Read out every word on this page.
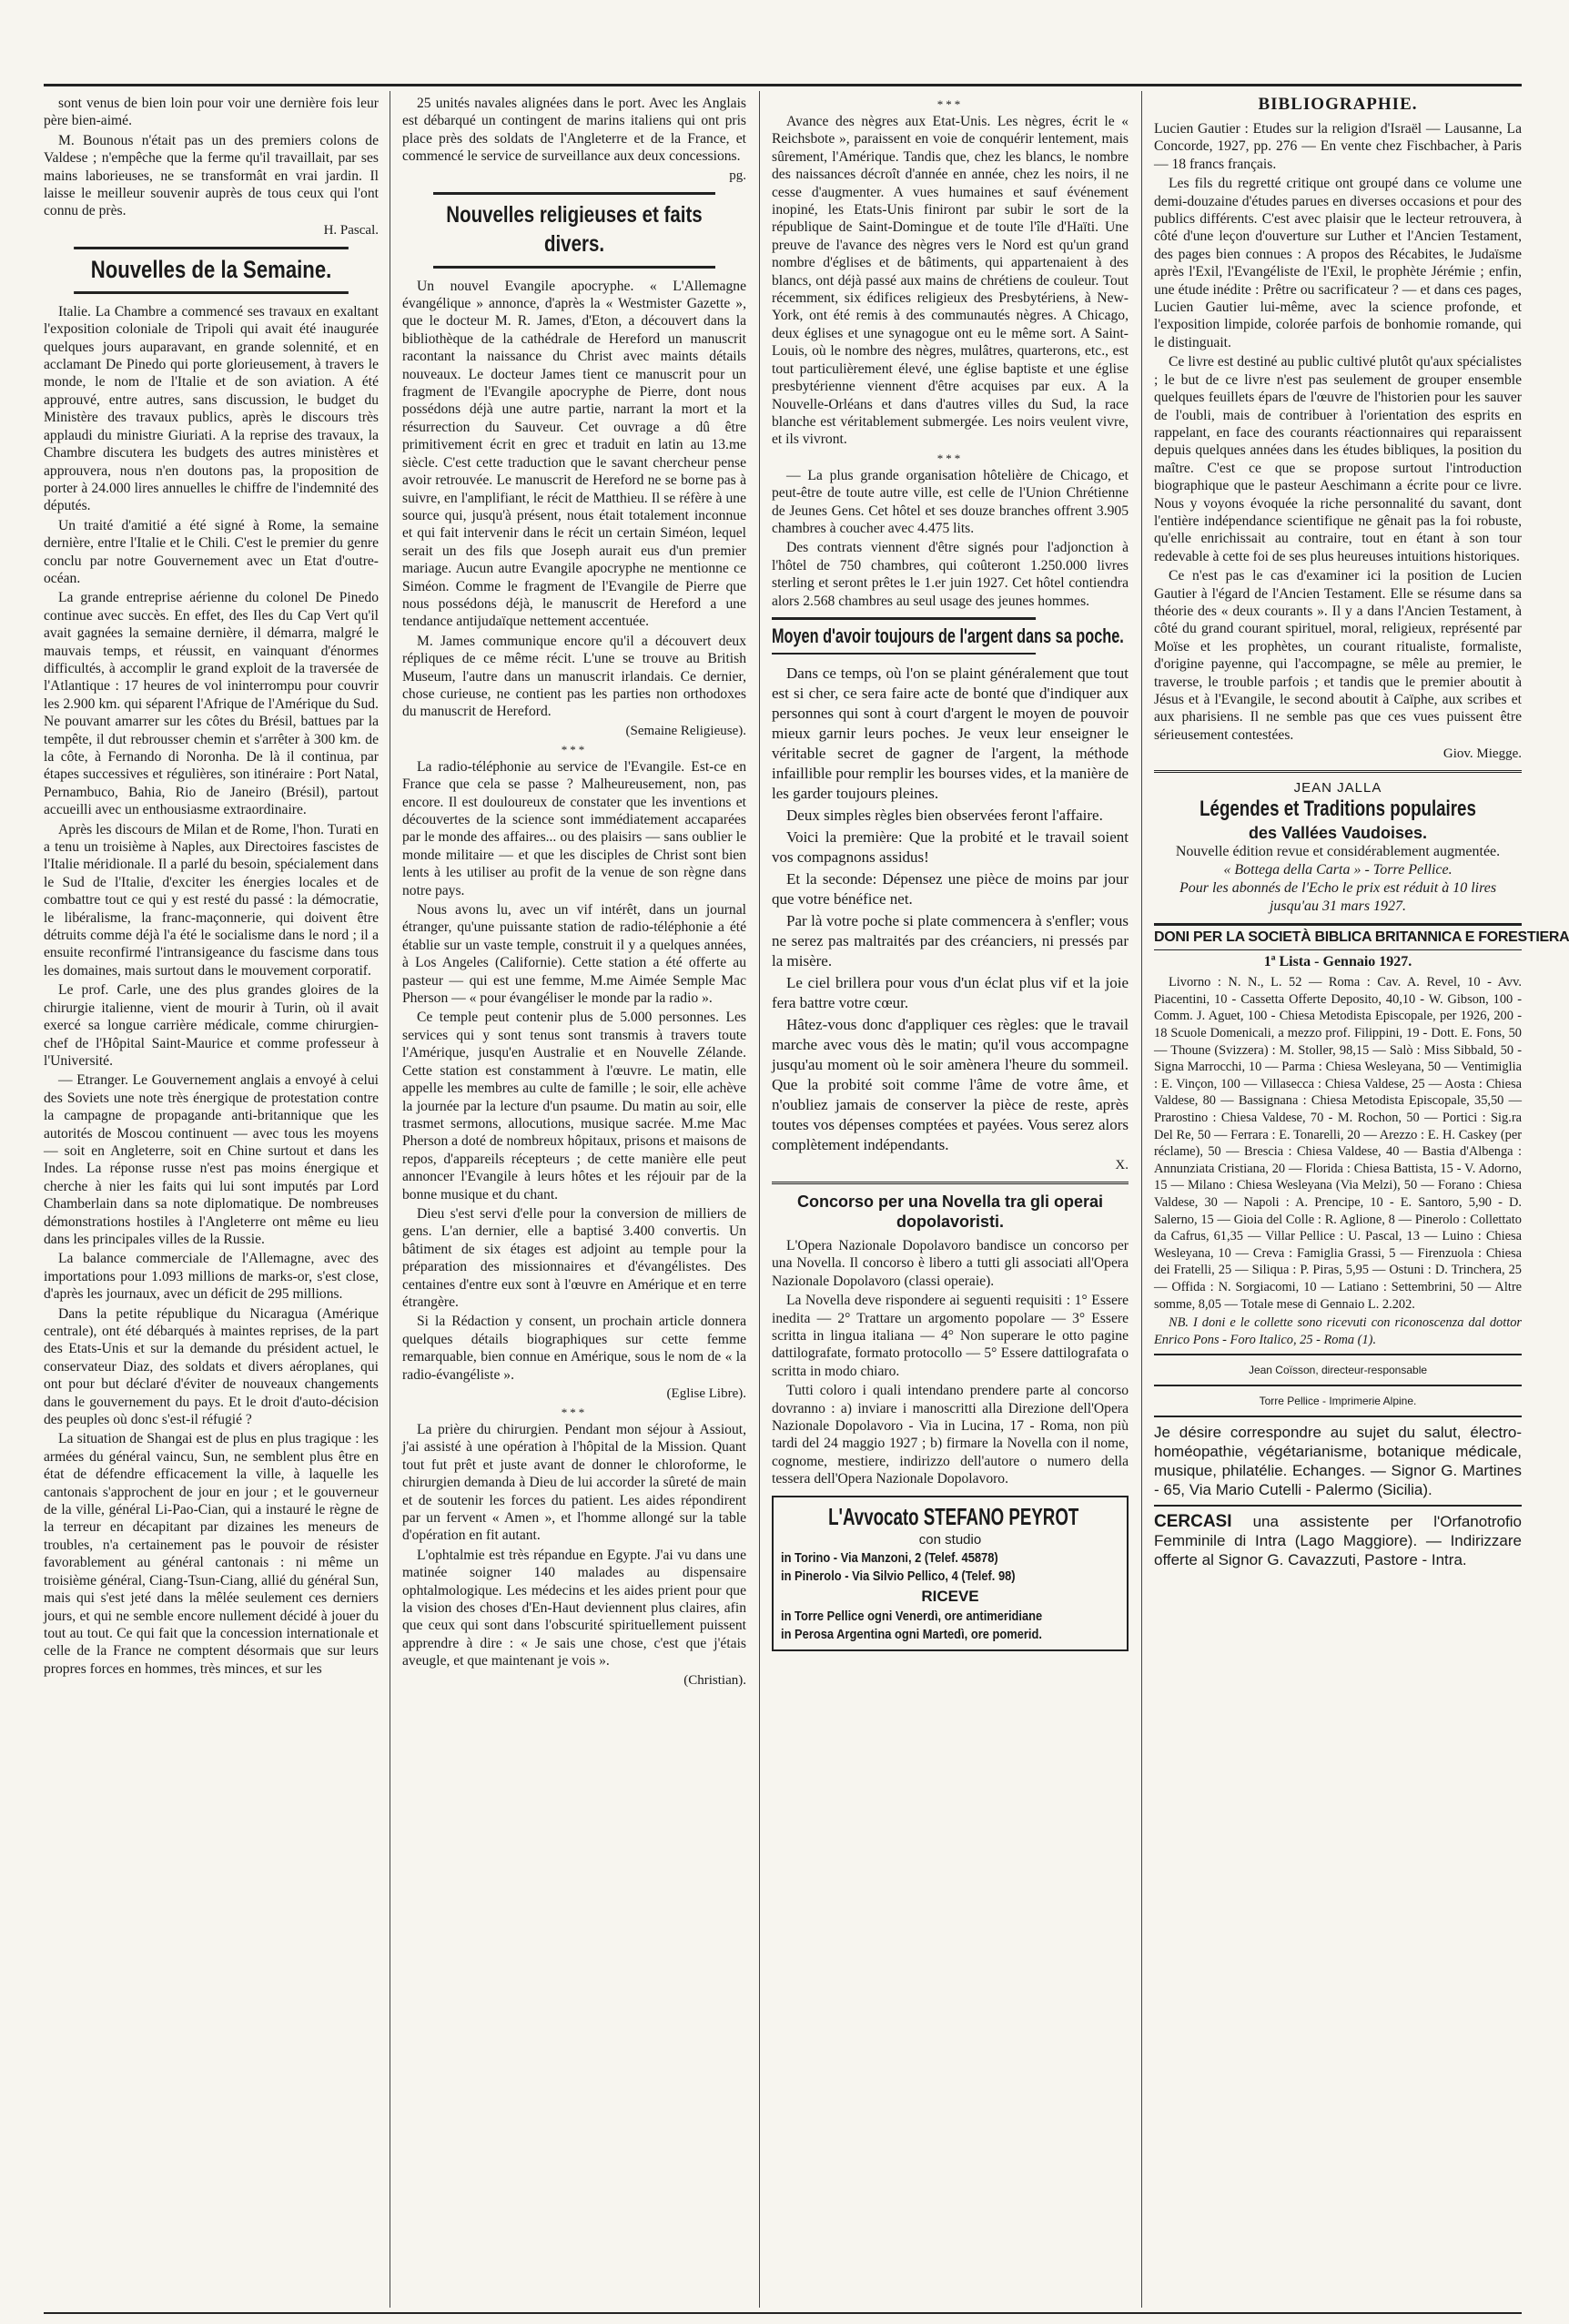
sont venus de bien loin pour voir une dernière fois leur père bien-aimé.

M. Bounous n'était pas un des premiers colons de Valdese ; n'empêche que la ferme qu'il travaillait, par ses mains laborieuses, ne se transformât en vrai jardin. Il laisse le meilleur souvenir auprès de tous ceux qui l'ont connu de près.

H. Pascal.
Nouvelles de la Semaine.

Italie. La Chambre a commencé ses travaux en exaltant l'exposition coloniale de Tripoli qui avait été inaugurée quelques jours auparavant, en grande solennité, et en acclamant De Pinedo qui porte glorieusement, à travers le monde, le nom de l'Italie et de son aviation. A été approuvé, entre autres, sans discussion, le budget du Ministère des travaux publics, après le discours très applaudi du ministre Giuriati. A la reprise des travaux, la Chambre discutera les budgets des autres ministères et approuvera, nous n'en doutons pas, la proposition de porter à 24.000 lires annuelles le chiffre de l'indemnité des députés.

Un traité d'amitié a été signé à Rome, la semaine dernière, entre l'Italie et le Chili. C'est le premier du genre conclu par notre Gouvernement avec un Etat d'outre-océan.

La grande entreprise aérienne du colonel De Pinedo continue avec succès. En effet, des Iles du Cap Vert qu'il avait gagnées la semaine dernière, il démarra, malgré le mauvais temps, et réussit, en vainquant d'énormes difficultés, à accomplir le grand exploit de la traversée de l'Atlantique : 17 heures de vol ininterrompu pour couvrir les 2.900 km. qui séparent l'Afrique de l'Amérique du Sud. Ne pouvant amarrer sur les côtes du Brésil, battues par la tempête, il dut rebrousser chemin et s'arrêter à 300 km. de la côte, à Fernando di Noronha. De là il continua, par étapes successives et régulières, son itinéraire : Port Natal, Pernambuco, Bahia, Rio de Janeiro (Brésil), partout accueilli avec un enthousiasme extraordinaire.

Après les discours de Milan et de Rome, l'hon. Turati en a tenu un troisième à Naples, aux Directoires fascistes de l'Italie méridionale. Il a parlé du besoin, spécialement dans le Sud de l'Italie, d'exciter les énergies locales et de combattre tout ce qui y est resté du passé : la démocratie, le libéralisme, la franc-maçonnerie, qui doivent être détruits comme déjà l'a été le socialisme dans le nord ; il a ensuite reconfirmé l'intransigeance du fascisme dans tous les domaines, mais surtout dans le mouvement corporatif.

Le prof. Carle, une des plus grandes gloires de la chirurgie italienne, vient de mourir à Turin, où il avait exercé sa longue carrière médicale, comme chirurgien-chef de l'Hôpital Saint-Maurice et comme professeur à l'Université.

— Etranger. Le Gouvernement anglais a envoyé à celui des Soviets une note très énergique de protestation contre la campagne de propagande anti-britannique que les autorités de Moscou continuent — avec tous les moyens — soit en Angleterre, soit en Chine surtout et dans les Indes. La réponse russe n'est pas moins énergique et cherche à nier les faits qui lui sont imputés par Lord Chamberlain dans sa note diplomatique. De nombreuses démonstrations hostiles à l'Angleterre ont même eu lieu dans les principales villes de la Russie.

La balance commerciale de l'Allemagne, avec des importations pour 1.093 millions de marks-or, s'est close, d'après les journaux, avec un déficit de 295 millions.

Dans la petite république du Nicaragua (Amérique centrale), ont été débarqués à maintes reprises, de la part des Etats-Unis et sur la demande du président actuel, le conservateur Diaz, des soldats et divers aéroplanes, qui ont pour but déclaré d'éviter de nouveaux changements dans le gouvernement du pays. Et le droit d'auto-décision des peuples où donc s'est-il réfugié ?

La situation de Shangai est de plus en plus tragique : les armées du général vaincu, Sun, ne semblent plus être en état de défendre efficacement la ville, à laquelle les cantonais s'approchent de jour en jour ; et le gouverneur de la ville, général Li-Pao-Cian, qui a instauré le règne de la terreur en décapitant par dizaines les meneurs de troubles, n'a certainement pas le pouvoir de résister favorablement au général cantonais : ni même un troisième général, Ciang-Tsun-Ciang, allié du général Sun, mais qui s'est jeté dans la mêlée seulement ces derniers jours, et qui ne semble encore nullement décidé à jouer du tout au tout. Ce qui fait que la concession internationale et celle de la France ne comptent désormais que sur leurs propres forces en hommes, très minces, et sur les

25 unités navales alignées dans le port. Avec les Anglais est débarqué un contingent de marins italiens qui ont pris place près des soldats de l'Angleterre et de la France, et commencé le service de surveillance aux deux concessions.

pg.
Nouvelles religieuses et faits divers.

Un nouvel Evangile apocryphe. « L'Allemagne évangélique » annonce, d'après la « Westmister Gazette », que le docteur M. R. James, d'Eton, a découvert dans la bibliothèque de la cathédrale de Hereford un manuscrit racontant la naissance du Christ avec maints détails nouveaux. Le docteur James tient ce manuscrit pour un fragment de l'Evangile apocryphe de Pierre, dont nous possédons déjà une autre partie, narrant la mort et la résurrection du Sauveur. Cet ouvrage a dû être primitivement écrit en grec et traduit en latin au 13.me siècle. C'est cette traduction que le savant chercheur pense avoir retrouvée. Le manuscrit de Hereford ne se borne pas à suivre, en l'amplifiant, le récit de Matthieu. Il se réfère à une source qui, jusqu'à présent, nous était totalement inconnue et qui fait intervenir dans le récit un certain Siméon, lequel serait un des fils que Joseph aurait eus d'un premier mariage. Aucun autre Evangile apocryphe ne mentionne ce Siméon. Comme le fragment de l'Evangile de Pierre que nous possédons déjà, le manuscrit de Hereford a une tendance antijudaïque nettement accentuée.

M. James communique encore qu'il a découvert deux répliques de ce même récit. L'une se trouve au British Museum, l'autre dans un manuscrit irlandais. Ce dernier, chose curieuse, ne contient pas les parties non orthodoxes du manuscrit de Hereford.

(Semaine Religieuse).
***

La radio-téléphonie au service de l'Evangile. Est-ce en France que cela se passe ? Malheureusement, non, pas encore. Il est douloureux de constater que les inventions et découvertes de la science sont immédiatement accaparées par le monde des affaires... ou des plaisirs — sans oublier le monde militaire — et que les disciples de Christ sont bien lents à les utiliser au profit de la venue de son règne dans notre pays.

Nous avons lu, avec un vif intérêt, dans un journal étranger, qu'une puissante station de radio-téléphonie a été établie sur un vaste temple, construit il y a quelques années, à Los Angeles (Californie). Cette station a été offerte au pasteur — qui est une femme, M.me Aimée Semple Mac Pherson — « pour évangéliser le monde par la radio ».

Ce temple peut contenir plus de 5.000 personnes. Les services qui y sont tenus sont transmis à travers toute l'Amérique, jusqu'en Australie et en Nouvelle Zélande. Cette station est constamment à l'œuvre. Le matin, elle appelle les membres au culte de famille ; le soir, elle achève la journée par la lecture d'un psaume. Du matin au soir, elle trasmet sermons, allocutions, musique sacrée. M.me Mac Pherson a doté de nombreux hôpitaux, prisons et maisons de repos, d'appareils récepteurs ; de cette manière elle peut annoncer l'Evangile à leurs hôtes et les réjouir par de la bonne musique et du chant.

Dieu s'est servi d'elle pour la conversion de milliers de gens. L'an dernier, elle a baptisé 3.400 convertis. Un bâtiment de six étages est adjoint au temple pour la préparation des missionnaires et d'évangélistes. Des centaines d'entre eux sont à l'œuvre en Amérique et en terre étrangère.

Si la Rédaction y consent, un prochain article donnera quelques détails biographiques sur cette femme remarquable, bien connue en Amérique, sous le nom de « la radio-évangéliste ».

(Eglise Libre).
***

La prière du chirurgien. Pendant mon séjour à Assiout, j'ai assisté à une opération à l'hôpital de la Mission. Quant tout fut prêt et juste avant de donner le chloroforme, le chirurgien demanda à Dieu de lui accorder la sûreté de main et de soutenir les forces du patient. Les aides répondirent par un fervent « Amen », et l'homme allongé sur la table d'opération en fit autant.

L'ophtalmie est très répandue en Egypte. J'ai vu dans une matinée soigner 140 malades au dispensaire ophtalmologique. Les médecins et les aides prient pour que la vision des choses d'En-Haut deviennent plus claires, afin que ceux qui sont dans l'obscurité spirituellement puissent apprendre à dire : « Je sais une chose, c'est que j'étais aveugle, et que maintenant je vois ».

(Christian).
***

Avance des nègres aux Etat-Unis. Les nègres, écrit le « Reichsbote », paraissent en voie de conquérir lentement, mais sûrement, l'Amérique. Tandis que, chez les blancs, le nombre des naissances décroît d'année en année, chez les noirs, il ne cesse d'augmenter. A vues humaines et sauf événement inopiné, les Etats-Unis finiront par subir le sort de la république de Saint-Domingue et de toute l'île d'Haïti. Une preuve de l'avance des nègres vers le Nord est qu'un grand nombre d'églises et de bâtiments, qui appartenaient à des blancs, ont déjà passé aux mains de chrétiens de couleur. Tout récemment, six édifices religieux des Presbytériens, à New-York, ont été remis à des communautés nègres. A Chicago, deux églises et une synagogue ont eu le même sort. A Saint-Louis, où le nombre des nègres, mulâtres, quarterons, etc., est tout particulièrement élevé, une église baptiste et une église presbytérienne viennent d'être acquises par eux. A la Nouvelle-Orléans et dans d'autres villes du Sud, la race blanche est véritablement submergée. Les noirs veulent vivre, et ils vivront.

***

— La plus grande organisation hôtelière de Chicago, et peut-être de toute autre ville, est celle de l'Union Chrétienne de Jeunes Gens. Cet hôtel et ses douze branches offrent 3.905 chambres à coucher avec 4.475 lits.

Des contrats viennent d'être signés pour l'adjonction à l'hôtel de 750 chambres, qui coûteront 1.250.000 livres sterling et seront prêtes le 1.er juin 1927. Cet hôtel contiendra alors 2.568 chambres au seul usage des jeunes hommes.

Moyen d'avoir toujours de l'argent dans sa poche.

Dans ce temps, où l'on se plaint généralement que tout est si cher, ce sera faire acte de bonté que d'indiquer aux personnes qui sont à court d'argent le moyen de pouvoir mieux garnir leurs poches. Je veux leur enseigner le véritable secret de gagner de l'argent, la méthode infaillible pour remplir les bourses vides, et la manière de les garder toujours pleines.

Deux simples règles bien observées feront l'affaire.

Voici la première: Que la probité et le travail soient vos compagnons assidus!

Et la seconde: Dépensez une pièce de moins par jour que votre bénéfice net.

Par là votre poche si plate commencera à s'enfler; vous ne serez pas maltraités par des créanciers, ni pressés par la misère.

Le ciel brillera pour vous d'un éclat plus vif et la joie fera battre votre cœur.

Hâtez-vous donc d'appliquer ces règles: que le travail marche avec vous dès le matin; qu'il vous accompagne jusqu'au moment où le soir amènera l'heure du sommeil. Que la probité soit comme l'âme de votre âme, et n'oubliez jamais de conserver la pièce de reste, après toutes vos dépenses comptées et payées. Vous serez alors complètement indépendants.

X.
Concorso per una Novella tra gli operai dopolavoristi.

L'Opera Nazionale Dopolavoro bandisce un concorso per una Novella. Il concorso è libero a tutti gli associati all'Opera Nazionale Dopolavoro (classi operaie).

La Novella deve rispondere ai seguenti requisiti : 1° Essere inedita — 2° Trattare un argomento popolare — 3° Essere scritta in lingua italiana — 4° Non superare le otto pagine dattilografate, formato protocollo — 5° Essere dattilografata o scritta in modo chiaro.

Tutti coloro i quali intendano prendere parte al concorso dovranno : a) inviare i manoscritti alla Direzione dell'Opera Nazionale Dopolavoro - Via in Lucina, 17 - Roma, non più tardi del 24 maggio 1927 ; b) firmare la Novella con il nome, cognome, mestiere, indirizzo dell'autore o numero della tessera dell'Opera Nazionale Dopolavoro.

L'Avvocato STEFANO PEYROT
con studio
in Torino - Via Manzoni, 2 (Telef. 45878)
in Pinerolo - Via Silvio Pellico, 4 (Telef. 98)
RICEVE
in Torre Pellice ogni Venerdì, ore antimeridiane
in Perosa Argentina ogni Martedì, ore pomerid.
BIBLIOGRAPHIE.

Lucien Gautier : Etudes sur la religion d'Israël — Lausanne, La Concorde, 1927, pp. 276 — En vente chez Fischbacher, à Paris — 18 francs français.

Les fils du regretté critique ont groupé dans ce volume une demi-douzaine d'études parues en diverses occasions et pour des publics différents. C'est avec plaisir que le lecteur retrouvera, à côté d'une leçon d'ouverture sur Luther et l'Ancien Testament, des pages bien connues : A propos des Récabites, le Judaïsme après l'Exil, l'Evangéliste de l'Exil, le prophète Jérémie ; enfin, une étude inédite : Prêtre ou sacrificateur ? — et dans ces pages, Lucien Gautier lui-même, avec la science profonde, et l'exposition limpide, colorée parfois de bonhomie romande, qui le distinguait.

Ce livre est destiné au public cultivé plutôt qu'aux spécialistes ; le but de ce livre n'est pas seulement de grouper ensemble quelques feuillets épars de l'œuvre de l'historien pour les sauver de l'oubli, mais de contribuer à l'orientation des esprits en rappelant, en face des courants réactionnaires qui reparaissent depuis quelques années dans les études bibliques, la position du maître. C'est ce que se propose surtout l'introduction biographique que le pasteur Aeschimann a écrite pour ce livre. Nous y voyons évoquée la riche personnalité du savant, dont l'entière indépendance scientifique ne gênait pas la foi robuste, qu'elle enrichissait au contraire, tout en étant à son tour redevable à cette foi de ses plus heureuses intuitions historiques.

Ce n'est pas le cas d'examiner ici la position de Lucien Gautier à l'égard de l'Ancien Testament. Elle se résume dans sa théorie des « deux courants ». Il y a dans l'Ancien Testament, à côté du grand courant spirituel, moral, religieux, représenté par Moïse et les prophètes, un courant ritualiste, formaliste, d'origine payenne, qui l'accompagne, se mêle au premier, le traverse, le trouble parfois ; et tandis que le premier aboutit à Jésus et à l'Evangile, le second aboutit à Caïphe, aux scribes et aux pharisiens. Il ne semble pas que ces vues puissent être sérieusement contestées.

Giov. Miegge.
JEAN JALLA
Légendes et Traditions populaires
des Vallées Vaudoises.
Nouvelle édition revue et considérablement augmentée.
« Bottega della Carta » - Torre Pellice.
Pour les abonnés de l'Echo le prix est réduit à 10 lires jusqu'au 31 mars 1927.
DONI PER LA SOCIETÀ BIBLICA BRITANNICA E FORESTIERA
1ª Lista - Gennaio 1927.

Livorno : N. N., L. 52 — Roma : Cav. A. Revel, 10 - Avv. Piacentini, 10 - Cassetta Offerte Deposito, 40,10 - W. Gibson, 100 - Comm. J. Aguet, 100 - Chiesa Metodista Episcopale, per 1926, 200 - 18 Scuole Domenicali, a mezzo prof. Filippini, 19 - Dott. E. Fons, 50 — Thoune (Svizzera) : M. Stoller, 98,15 — Salò : Miss Sibbald, 50 - Signa Marrocchi, 10 — Parma : Chiesa Wesleyana, 50 — Ventimiglia : E. Vinçon, 100 — Villasecca : Chiesa Valdese, 25 — Aosta : Chiesa Valdese, 80 — Bassignana : Chiesa Metodista Episcopale, 35,50 — Prarostino : Chiesa Valdese, 70 - M. Rochon, 50 — Portici : Sig.ra Del Re, 50 — Ferrara : E. Tonarelli, 20 — Arezzo : E. H. Caskey (per réclame), 50 — Brescia : Chiesa Valdese, 40 — Bastia d'Albenga : Annunziata Cristiana, 20 — Florida : Chiesa Battista, 15 - V. Adorno, 15 — Milano : Chiesa Wesleyana (Via Melzi), 50 — Forano : Chiesa Valdese, 30 — Napoli : A. Prencipe, 10 - E. Santoro, 5,90 - D. Salerno, 15 — Gioia del Colle : R. Aglione, 8 — Pinerolo : Collettato da Cafrus, 61,35 — Villar Pellice : U. Pascal, 13 — Luino : Chiesa Wesleyana, 10 — Creva : Famiglia Grassi, 5 — Firenzuola : Chiesa dei Fratelli, 25 — Siliqua : P. Piras, 5,95 — Ostuni : D. Trinchera, 25 — Offida : N. Sorgiacomi, 10 — Latiano : Settembrini, 50 — Altre somme, 8,05 — Totale mese di Gennaio L. 2.202.

NB. I doni e le collette sono ricevuti con riconoscenza dal dottor Enrico Pons - Foro Italico, 25 - Roma (1).

Jean Coïsson, directeur-responsable
Torre Pellice - Imprimerie Alpine.
Je désire correspondre au sujet du salut, électro-homéopathie, végétarianisme, botanique médicale, musique, philatélie. Echanges. — Signor G. Martines - 65, Via Mario Cutelli - Palermo (Sicilia).
CERCASI una assistente per l'Orfanotrofio Femminile di Intra (Lago Maggiore). — Indirizzare offerte al Signor G. Cavazzuti, Pastore - Intra.
